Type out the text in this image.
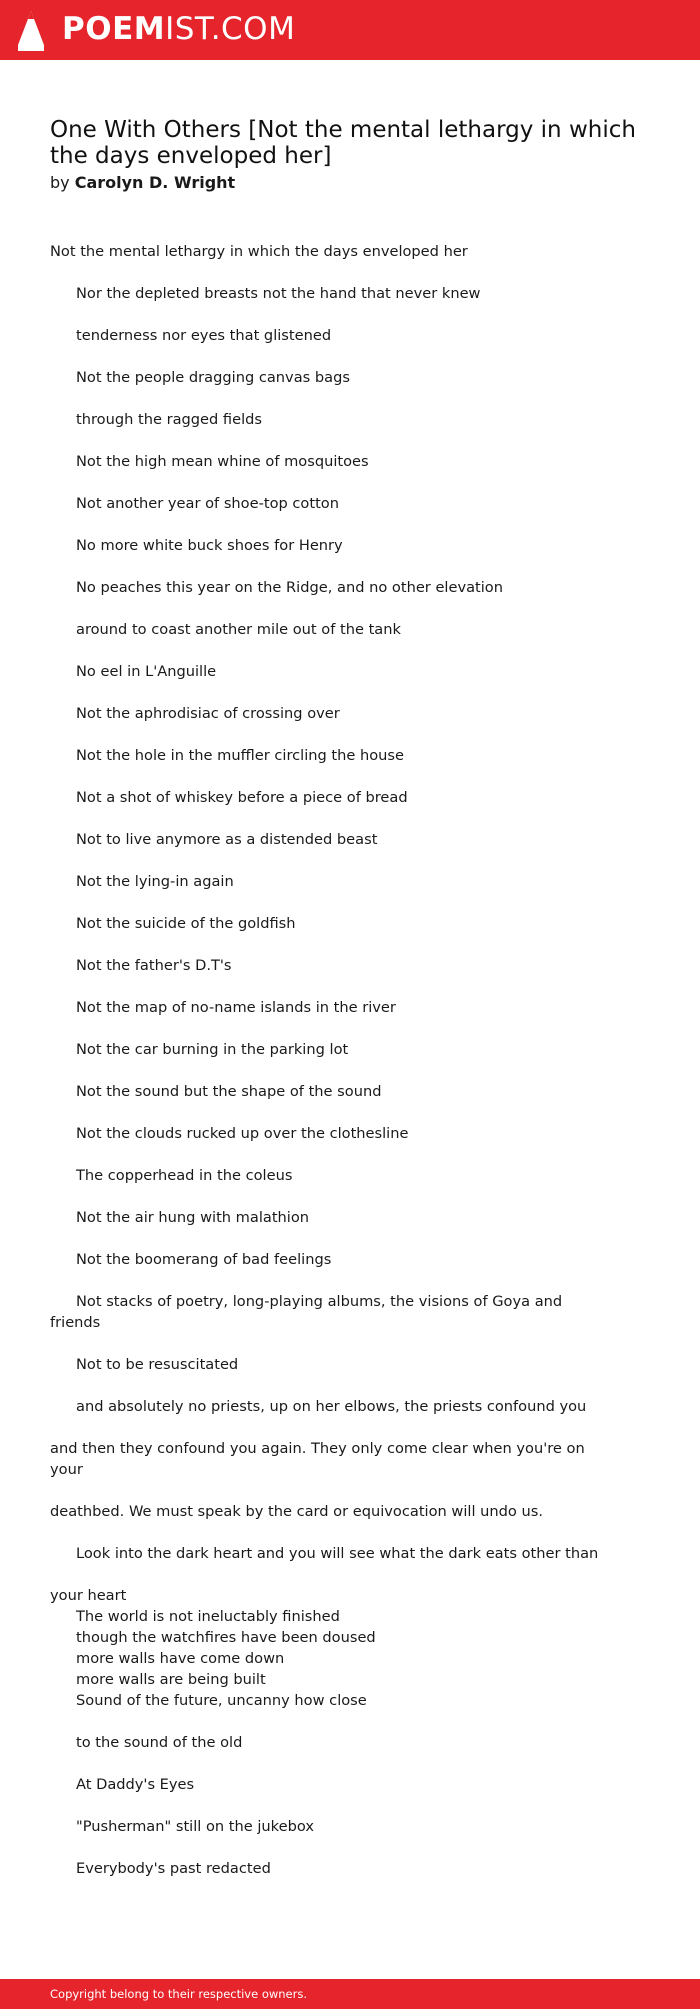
POEMIST.COM
One With Others [Not the mental lethargy in which the days enveloped her]
by Carolyn D. Wright
Not the mental lethargy in which the days enveloped her
Nor the depleted breasts not the hand that never knew
tenderness nor eyes that glistened
Not the people dragging canvas bags
through the ragged fields
Not the high mean whine of mosquitoes
Not another year of shoe-top cotton
No more white buck shoes for Henry
No peaches this year on the Ridge, and no other elevation
around to coast another mile out of the tank
No eel in L'Anguille
Not the aphrodisiac of crossing over
Not the hole in the muffler circling the house
Not a shot of whiskey before a piece of bread
Not to live anymore as a distended beast
Not the lying-in again
Not the suicide of the goldfish
Not the father's D.T's
Not the map of no-name islands in the river
Not the car burning in the parking lot
Not the sound but the shape of the sound
Not the clouds rucked up over the clothesline
The copperhead in the coleus
Not the air hung with malathion
Not the boomerang of bad feelings
Not stacks of poetry, long-playing albums, the visions of Goya and friends
Not to be resuscitated
and absolutely no priests, up on her elbows, the priests confound you
and then they confound you again. They only come clear when you're on your
deathbed. We must speak by the card or equivocation will undo us.
Look into the dark heart and you will see what the dark eats other than
your heart
The world is not ineluctably finished
though the watchfires have been doused
more walls have come down
more walls are being built
Sound of the future, uncanny how close
to the sound of the old
At Daddy's Eyes
"Pusherman" still on the jukebox
Everybody's past redacted
Copyright belong to their respective owners.
